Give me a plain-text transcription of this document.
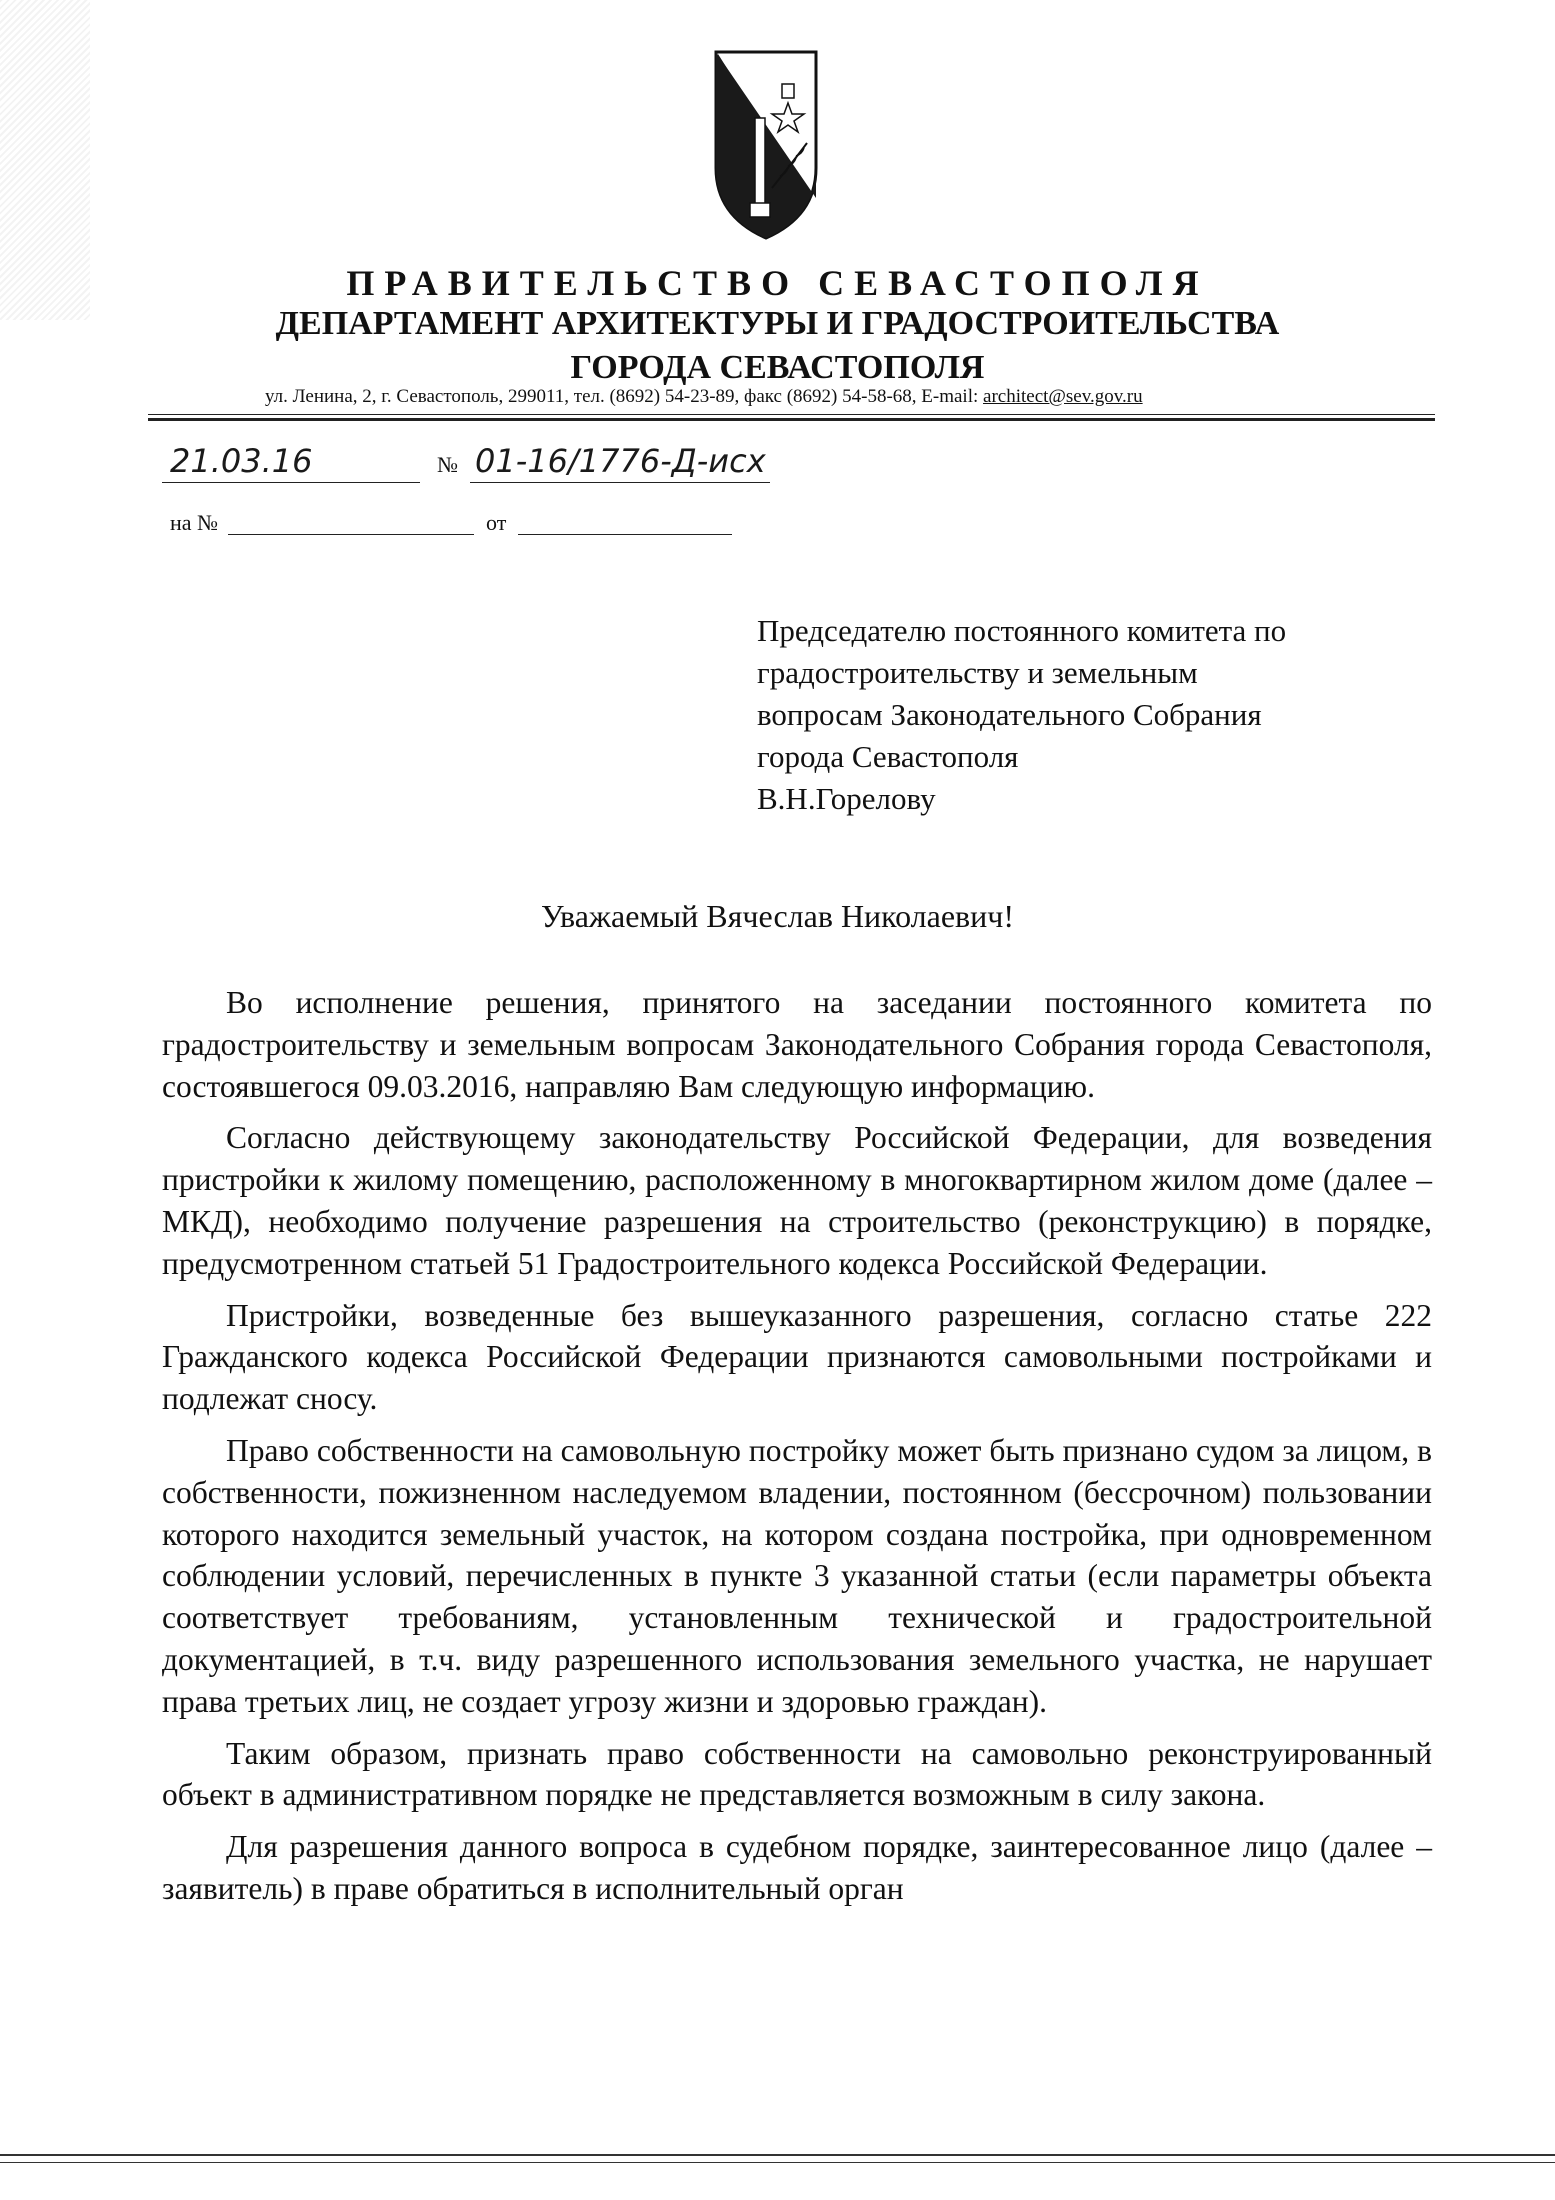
ПРАВИТЕЛЬСТВО СЕВАСТОПОЛЯ
ДЕПАРТАМЕНТ АРХИТЕКТУРЫ И ГРАДОСТРОИТЕЛЬСТВА
ГОРОДА СЕВАСТОПОЛЯ
ул. Ленина, 2, г. Севастополь, 299011, тел. (8692) 54-23-89, факс (8692) 54-58-68, E-mail: architect@sev.gov.ru
21.03.16	№ 01-16/1776-Д-исх
на №	от
Председателю постоянного комитета по
градостроительству и земельным
вопросам Законодательного Собрания
города Севастополя
В.Н.Горелову
Уважаемый Вячеслав Николаевич!

Во исполнение решения, принятого на заседании постоянного комитета по градостроительству и земельным вопросам Законодательного Собрания города Севастополя, состоявшегося 09.03.2016, направляю Вам следующую информацию.

Согласно действующему законодательству Российской Федерации, для возведения пристройки к жилому помещению, расположенному в многоквартирном жилом доме (далее – МКД), необходимо получение разрешения на строительство (реконструкцию) в порядке, предусмотренном статьей 51 Градостроительного кодекса Российской Федерации.

Пристройки, возведенные без вышеуказанного разрешения, согласно статье 222 Гражданского кодекса Российской Федерации признаются самовольными постройками и подлежат сносу.

Право собственности на самовольную постройку может быть признано судом за лицом, в собственности, пожизненном наследуемом владении, постоянном (бессрочном) пользовании которого находится земельный участок, на котором создана постройка, при одновременном соблюдении условий, перечисленных в пункте 3 указанной статьи (если параметры объекта соответствует требованиям, установленным технической и градостроительной документацией, в т.ч. виду разрешенного использования земельного участка, не нарушает права третьих лиц, не создает угрозу жизни и здоровью граждан).

Таким образом, признать право собственности на самовольно реконструированный объект в административном порядке не представляется возможным в силу закона.

Для разрешения данного вопроса в судебном порядке, заинтересованное лицо (далее – заявитель) в праве обратиться в исполнительный орган
